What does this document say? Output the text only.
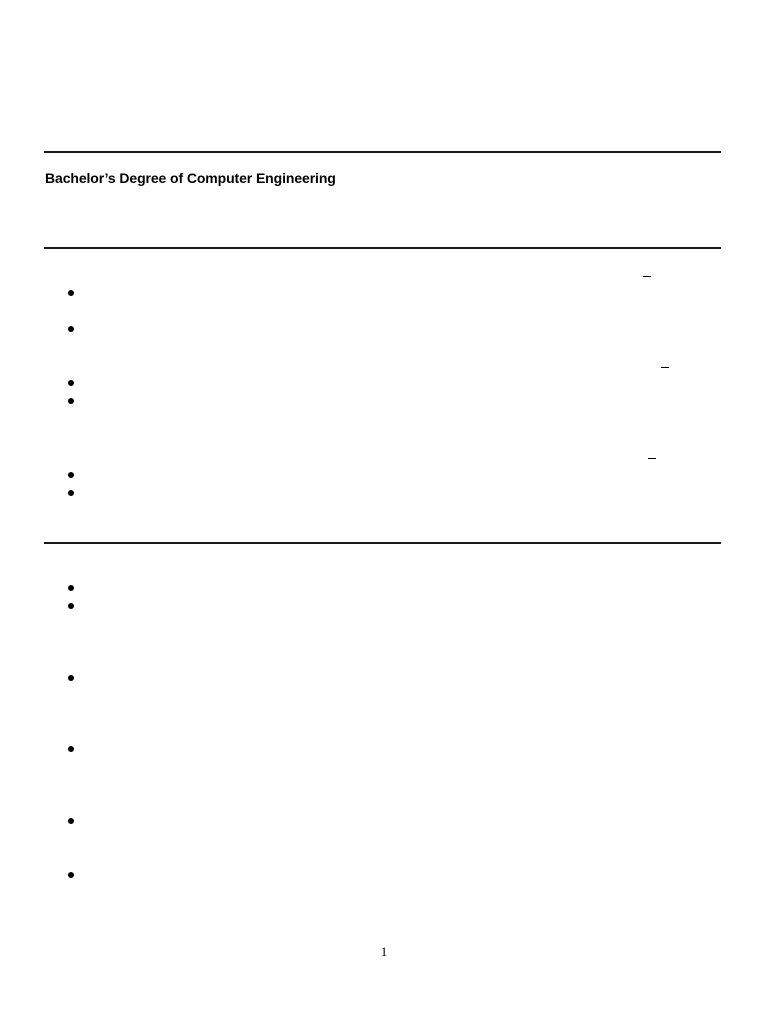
Bachelor’s Degree of Computer Engineering
1
